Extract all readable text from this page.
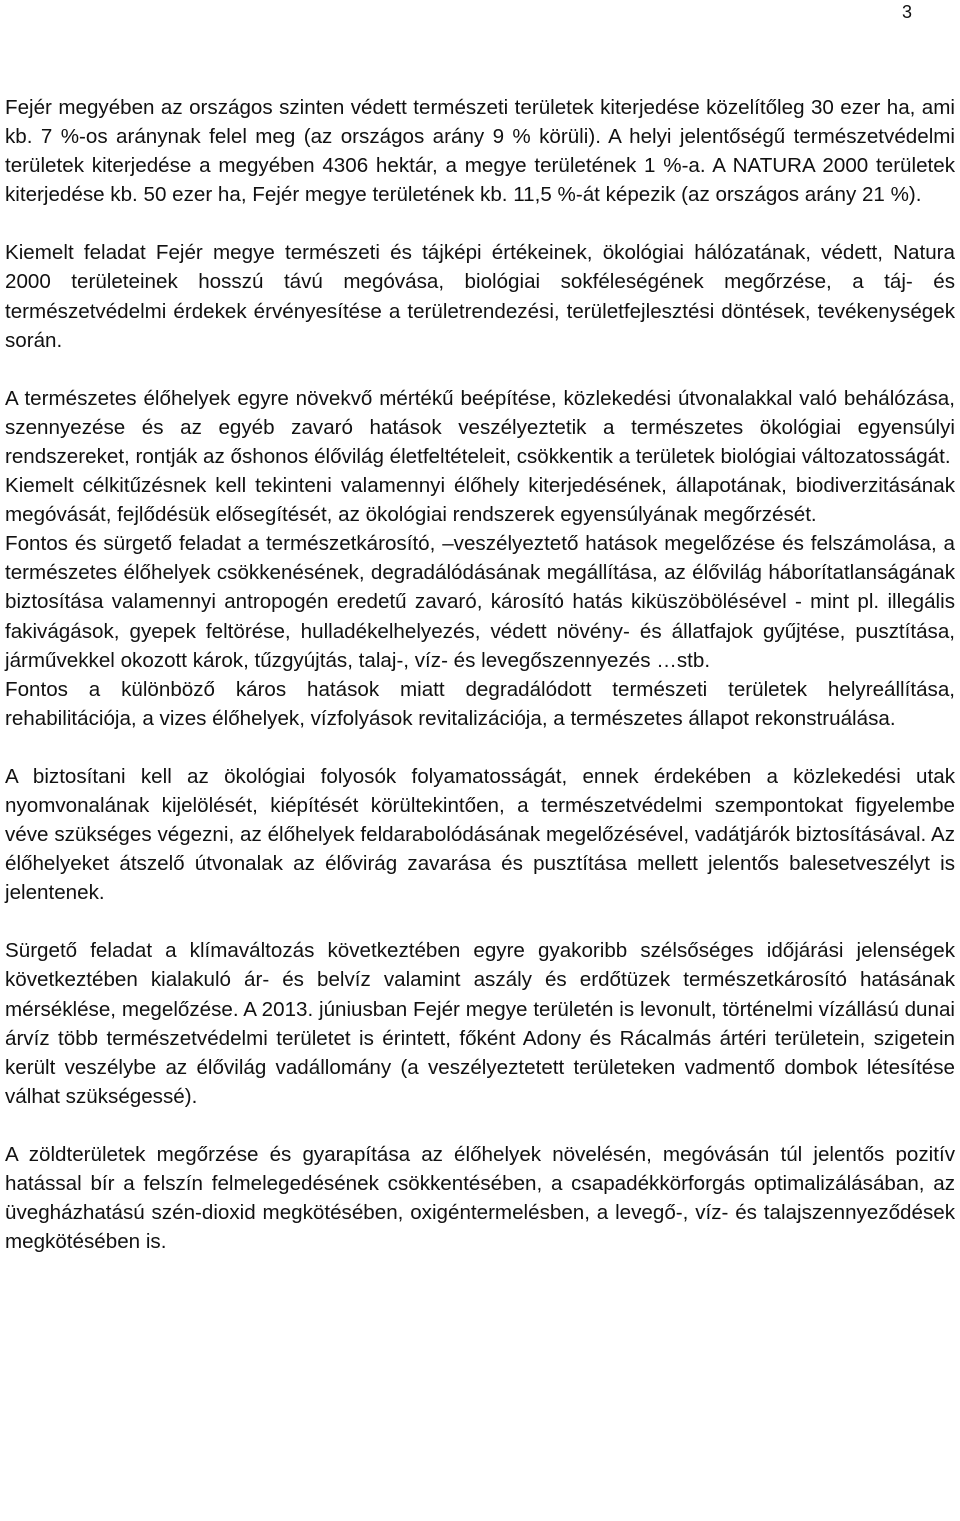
3

Fejér megyében az országos szinten védett természeti területek kiterjedése közelítőleg 30 ezer ha, ami kb. 7 %-os aránynak felel meg (az országos arány 9 % körüli). A helyi jelentőségű természetvédelmi területek kiterjedése a megyében 4306 hektár, a megye területének 1 %-a. A NATURA 2000 területek kiterjedése kb. 50 ezer ha, Fejér megye területének kb. 11,5 %-át képezik (az országos arány 21 %).

Kiemelt feladat Fejér megye természeti és tájképi értékeinek, ökológiai hálózatának, védett, Natura 2000 területeinek hosszú távú megóvása, biológiai sokféleségének megőrzése, a táj- és természetvédelmi érdekek érvényesítése a területrendezési, területfejlesztési döntések, tevékenységek során.

A természetes élőhelyek egyre növekvő mértékű beépítése, közlekedési útvonalakkal való behálózása, szennyezése és az egyéb zavaró hatások veszélyeztetik a természetes ökológiai egyensúlyi rendszereket, rontják az őshonos élővilág életfeltételeit, csökkentik a területek biológiai változatosságát.

Kiemelt célkitűzésnek kell tekinteni valamennyi élőhely kiterjedésének, állapotának, biodiverzitásának megóvását, fejlődésük elősegítését, az ökológiai rendszerek egyensúlyának megőrzését.

Fontos és sürgető feladat a természetkárosító, –veszélyeztető hatások megelőzése és felszámolása, a természetes élőhelyek csökkenésének, degradálódásának megállítása, az élővilág háborítatlanságának biztosítása valamennyi antropogén eredetű zavaró, károsító hatás kiküszöbölésével - mint pl. illegális fakivágások, gyepek feltörése, hulladékelhelyezés, védett növény- és állatfajok gyűjtése, pusztítása, járművekkel okozott károk, tűzgyújtás, talaj-, víz- és levegőszennyezés …stb.

Fontos a különböző káros hatások miatt degradálódott természeti területek helyreállítása, rehabilitációja, a vizes élőhelyek, vízfolyások revitalizációja, a természetes állapot rekonstruálása.

A biztosítani kell az ökológiai folyosók folyamatosságát, ennek érdekében a közlekedési utak nyomvonalának kijelölését, kiépítését körültekintően, a természetvédelmi szempontokat figyelembe véve szükséges végezni, az élőhelyek feldarabolódásának megelőzésével, vadátjárók biztosításával. Az élőhelyeket átszelő útvonalak az élővirág zavarása és pusztítása mellett jelentős balesetveszélyt is jelentenek.

Sürgető feladat a klímaváltozás következtében egyre gyakoribb szélsőséges időjárási jelenségek következtében kialakuló ár- és belvíz valamint aszály és erdőtüzek természetkárosító hatásának mérséklése, megelőzése. A 2013. júniusban Fejér megye területén is levonult, történelmi vízállású dunai árvíz több természetvédelmi területet is érintett, főként Adony és Rácalmás ártéri területein, szigetein került veszélybe az élővilág vadállomány (a veszélyeztetett területeken vadmentő dombok létesítése válhat szükségessé).

A zöldterületek megőrzése és gyarapítása az élőhelyek növelésén, megóvásán túl jelentős pozitív hatással bír a felszín felmelegedésének csökkentésében, a csapadékkörforgás optimalizálásában, az üvegházhatású szén-dioxid megkötésében, oxigéntermelésben, a levegő-, víz- és talajszennyeződések megkötésében is.
